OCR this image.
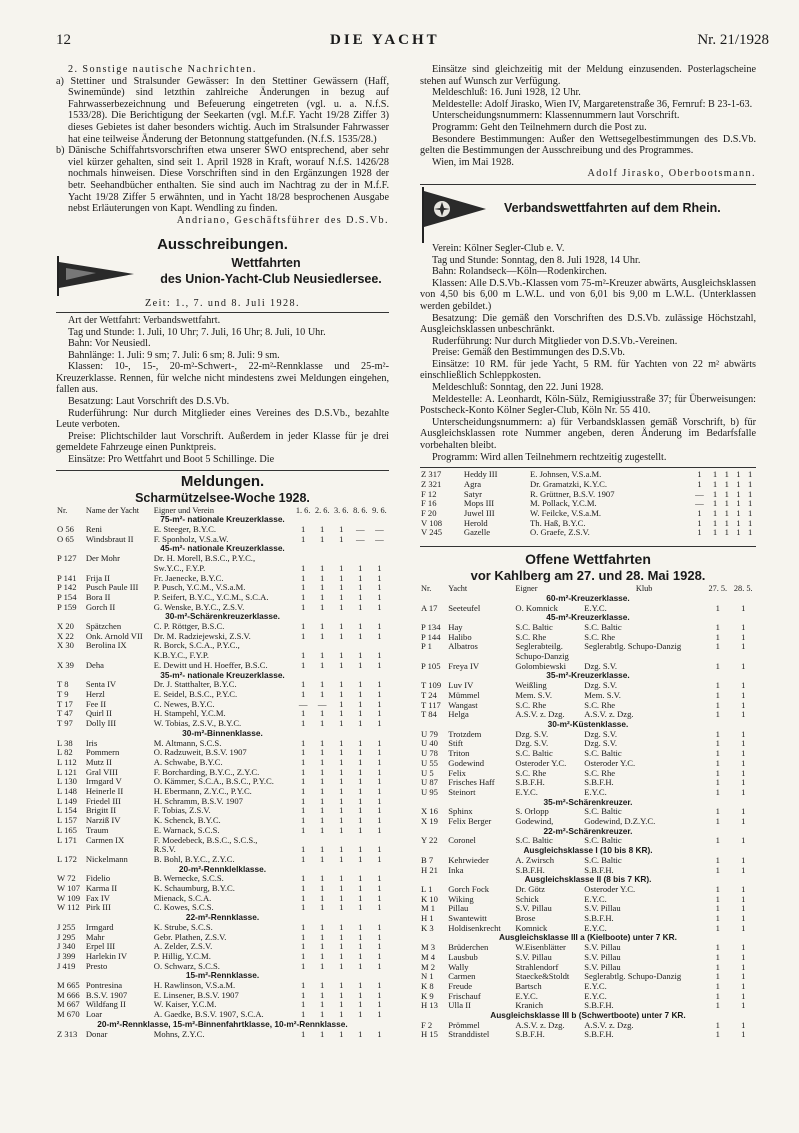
12	DIE YACHT	Nr. 21/1928

2. Sonstige nautische Nachrichten.

a) Stettiner und Stralsunder Gewässer: In den Stettiner Gewässern (Haff, Swinemünde) sind letzthin zahlreiche Änderungen in bezug auf Fahrwasserbezeichnung und Befeuerung eingetreten (vgl. u. a. N.f.S. 1533/28). Die Berichtigung der Seekarten (vgl. M.f.F. Yacht 19/28 Ziffer 3) dieses Gebietes ist daher besonders wichtig. Auch im Stralsunder Fahrwasser hat eine teilweise Änderung der Betonnung stattgefunden. (N.f.S. 1535/28.)

b) Dänische Schiffahrtsvorschriften etwa unserer SWO entsprechend, aber sehr viel kürzer gehalten, sind seit 1. April 1928 in Kraft, worauf N.f.S. 1426/28 nochmals hinweisen. Diese Vorschriften sind in den Ergänzungen 1928 der betr. Seehandbücher enthalten. Sie sind auch im Nachtrag zu der in M.f.F. Yacht 19/28 Ziffer 5 erwähnten, und in Yacht 18/28 besprochenen Ausgabe nebst Erläuterungen von Kapt. Wendling zu finden.

Andriano, Geschäftsführer des D.S.Vb.

Ausschreibungen.
Wettfahrten
des Union-Yacht-Club Neusiedlersee.

Zeit: 1., 7. und 8. Juli 1928.

Art der Wettfahrt: Verbandswettfahrt.

Tag und Stunde: 1. Juli, 10 Uhr; 7. Juli, 16 Uhr; 8. Juli, 10 Uhr.

Bahn: Vor Neusiedl.

Bahnlänge: 1. Juli: 9 sm; 7. Juli: 6 sm; 8. Juli: 9 sm.

Klassen: 10-, 15-, 20-m²-Schwert-, 22-m²-Rennklasse und 25-m²-Kreuzerklasse. Rennen, für welche nicht mindestens zwei Meldungen eingehen, fallen aus.

Besatzung: Laut Vorschrift des D.S.Vb.

Ruderführung: Nur durch Mitglieder eines Vereines des D.S.Vb., bezahlte Leute verboten.

Preise: Plichtschilder laut Vorschrift. Außerdem in jeder Klasse für je drei gemeldete Fahrzeuge einen Punktpreis.

Einsätze: Pro Wettfahrt und Boot 5 Schillinge. Die

Meldungen.
Scharmützelsee-Woche 1928.
Nr.	Name der Yacht	Eigner und Verein	1. 6.	2. 6.	3. 6.	8. 6.	9. 6.
75-m²- nationale Kreuzerklasse.							
O 56	Reni	E. Steeger, B.Y.C.	1	1	1	—	—
O 65	Windsbraut II	F. Sponholz, V.S.a.W.	1	1	1	—	—
45-m²- nationale Kreuzerklasse.							
P 127	Der Mohr	Dr. H. Morell, B.S.C., P.Y.C.,					
		Sw.Y.C., F.Y.P.	1	1	1	1	1
P 141	Frija II	Fr. Jaenecke, B.Y.C.	1	1	1	1	1
P 142	Pusch Paule III	P. Pusch, Y.C.M., V.S.a.M.	1	1	1	1	1
P 154	Bora II	P. Seifert, B.Y.C., Y.C.M., S.C.A.	1	1	1	1	1
P 159	Gorch II	G. Wenske, B.Y.C., Z.S.V.	1	1	1	1	1
30-m²-Schärenkreuzerklasse.							
X 20	Spätzchen	C. P. Röttger, B.S.C.	1	1	1	1	1
X 22	Onk. Arnold VII	Dr. M. Radziejewski, Z.S.V.	1	1	1	1	1
X 30	Berolina IX	R. Borck, S.C.A., P.Y.C.,					
		K.B.Y.C., F.Y.P.	1	1	1	1	1
X 39	Deha	E. Dewitt und H. Hoeffer, B.S.C.	1	1	1	1	1
35-m²- nationale Kreuzerklasse.							
T 8	Senta IV	Dr. J. Statthalter, B.Y.C.	1	1	1	1	1
T 9	Herzl	E. Seidel, B.S.C., P.Y.C.	1	1	1	1	1
T 17	Fee II	C. Newes, B.Y.C.	—	—	1	1	1
T 47	Quirl II	H. Stampehl, Y.C.M.	1	1	1	1	1
T 97	Dolly III	W. Tobias, Z.S.V., B.Y.C.	1	1	1	1	1
30-m²-Binnenklasse.							
L 38	Iris	M. Altmann, S.C.S.	1	1	1	1	1
L 82	Pommern	O. Radzuweit, B.S.V. 1907	1	1	1	1	1
L 112	Mutz II	A. Schwabe, B.Y.C.	1	1	1	1	1
L 121	Gral VIII	F. Borcharding, B.Y.C., Z.Y.C.	1	1	1	1	1
L 130	Irmgard V	O. Kämmer, S.C.A., B.S.C., P.Y.C.	1	1	1	1	1
L 148	Heinerle II	H. Ebermann, Z.Y.C., P.Y.C.	1	1	1	1	1
L 149	Friedel III	H. Schramm, B.S.V. 1907	1	1	1	1	1
L 154	Brigitt II	F. Tobias, Z.S.V.	1	1	1	1	1
L 157	Narziß IV	K. Schenck, B.Y.C.	1	1	1	1	1
L 165	Traum	E. Warnack, S.C.S.	1	1	1	1	1
L 171	Carmen IX	F. Moedebeck, B.S.C., S.C.S.,					
		R.S.V.	1	1	1	1	1
L 172	Nickelmann	B. Bohl, B.Y.C., Z.Y.C.	1	1	1	1	1
20-m²-Rennklelklasse.							
W 72	Fidelio	B. Wernecke, S.C.S.	1	1	1	1	1
W 107	Karma II	K. Schaumburg, B.Y.C.	1	1	1	1	1
W 109	Fax IV	Mienack, S.C.A.	1	1	1	1	1
W 112	Pirk III	C. Kowes, S.C.S.	1	1	1	1	1
22-m²-Rennklasse.							
J 255	Irmgard	K. Strube, S.C.S.	1	1	1	1	1
J 295	Mahr	Gebr. Plathen, Z.S.V.	1	1	1	1	1
J 340	Erpel III	A. Zelder, Z.S.V.	1	1	1	1	1
J 399	Harlekin IV	P. Hillig, Y.C.M.	1	1	1	1	1
J 419	Presto	O. Schwarz, S.C.S.	1	1	1	1	1
15-m²-Rennklasse.							
M 665	Pontresina	H. Rawlinson, V.S.a.M.	1	1	1	1	1
M 666	B.S.V. 1907	E. Linsener, B.S.V. 1907	1	1	1	1	1
M 667	Wildfang II	W. Kaiser, Y.C.M.	1	1	1	1	1
M 670	Loar	A. Gaedke, B.S.V. 1907, S.C.A.	1	1	1	1	1
20-m²-Rennklasse, 15-m²-Binnenfahrtklasse, 10-m²-Rennklasse.							
Z 313	Donar	Mohns, Z.Y.C.	1	1	1	1	1

Einsätze sind gleichzeitig mit der Meldung einzusenden. Posterlagscheine stehen auf Wunsch zur Verfügung.

Meldeschluß: 16. Juni 1928, 12 Uhr.

Meldestelle: Adolf Jirasko, Wien IV, Margaretenstraße 36, Fernruf: B 23-1-63.

Unterscheidungsnummern: Klassennummern laut Vorschrift.

Programm: Geht den Teilnehmern durch die Post zu.

Besondere Bestimmungen: Außer den Wettsegelbestimmungen des D.S.Vb. gelten die Bestimmungen der Ausschreibung und des Programmes.

Wien, im Mai 1928.

Adolf Jirasko, Oberbootsmann.

Verbandswettfahrten auf dem Rhein.

Verein: Kölner Segler-Club e. V.

Tag und Stunde: Sonntag, den 8. Juli 1928, 14 Uhr.

Bahn: Rolandseck—Köln—Rodenkirchen.

Klassen: Alle D.S.Vb.-Klassen vom 75-m²-Kreuzer abwärts, Ausgleichsklassen von 4,50 bis 6,00 m L.W.L. und von 6,01 bis 9,00 m L.W.L. (Unterklassen werden gebildet.)

Besatzung: Die gemäß den Vorschriften des D.S.Vb. zulässige Höchstzahl, Ausgleichsklassen unbeschränkt.

Ruderführung: Nur durch Mitglieder von D.S.Vb.-Vereinen.

Preise: Gemäß den Bestimmungen des D.S.Vb.

Einsätze: 10 RM. für jede Yacht, 5 RM. für Yachten von 22 m² abwärts einschließlich Schleppkosten.

Meldeschluß: Sonntag, den 22. Juni 1928.

Meldestelle: A. Leonhardt, Köln-Sülz, Remigiusstraße 37; für Überweisungen: Postscheck-Konto Kölner Segler-Club, Köln Nr. 55 410.

Unterscheidungsnummern: a) für Verbandsklassen gemäß Vorschrift, b) für Ausgleichsklassen rote Nummer angeben, deren Änderung im Bedarfsfalle vorbehalten bleibt.

Programm: Wird allen Teilnehmern rechtzeitig zugestellt.

Z 317	Heddy III	E. Johnsen, V.S.a.M.	1	1	1	1	1
Z 321	Agra	Dr. Gramatzki, K.Y.C.	1	1	1	1	1
F 12	Satyr	R. Grüttner, B.S.V. 1907	—	1	1	1	1
F 16	Mops III	M. Pollack, Y.C.M.	—	1	1	1	1
F 20	Juwel III	W. Feilcke, V.S.a.M.	1	1	1	1	1
V 108	Herold	Th. Haß, B.Y.C.	1	1	1	1	1
V 245	Gazelle	O. Graefe, Z.S.V.	1	1	1	1	1
Offene Wettfahrten
vor Kahlberg am 27. und 28. Mai 1928.
Nr.	Yacht	Eigner	Klub	27. 5.	28. 5.
60-m²-Kreuzerklasse.					
A 17	Seeteufel	O. Komnick	E.Y.C.	1	1
45-m²-Kreuzerklasse.					
P 134	Hay	S.C. Baltic	S.C. Baltic	1	1
P 144	Halibo	S.C. Rhe	S.C. Rhe	1	1
P 1	Albatros	Seglerabteilg.	Seglerabtlg. Schupo-Danzig	1	1
		Schupo-Danzig			
P 105	Freya IV	Golombiewski	Dzg. S.V.	1	1
35-m²-Kreuzerklasse.					
T 109	Luv IV	Weißling	Dzg. S.V.	1	1
T 24	Mümmel	Mem. S.V.	Mem. S.V.	1	1
T 117	Wangast	S.C. Rhe	S.C. Rhe	1	1
T 84	Helga	A.S.V. z. Dzg.	A.S.V. z. Dzg.	1	1
30-m²-Küstenklasse.					
U 79	Trotzdem	Dzg. S.V.	Dzg. S.V.	1	1
U 40	Stift	Dzg. S.V.	Dzg. S.V.	1	1
U 78	Triton	S.C. Baltic	S.C. Baltic	1	1
U 55	Godewind	Osteroder Y.C.	Osteroder Y.C.	1	1
U 5	Felix	S.C. Rhe	S.C. Rhe	1	1
U 87	Frisches Haff	S.B.F.H.	S.B.F.H.	1	1
U 95	Steinort	E.Y.C.	E.Y.C.	1	1
35-m²-Schärenkreuzer.					
X 16	Sphinx	S. Orlopp	S.C. Baltic	1	1
X 19	Felix Berger	Godewind,	Godewind, D.Z.Y.C.	1	1
22-m²-Schärenkreuzer.					
Y 22	Coronel	S.C. Baltic	S.C. Baltic	1	1
Ausgleichsklasse I (10 bis 8 KR).					
B 7	Kehrwieder	A. Zwirsch	S.C. Baltic	1	1
H 21	Inka	S.B.F.H.	S.B.F.H.	1	1
Ausgleichsklasse II (8 bis 7 KR).					
L 1	Gorch Fock	Dr. Götz	Osteroder Y.C.	1	1
K 10	Wiking	Schick	E.Y.C.	1	1
M 1	Pillau	S.V. Pillau	S.V. Pillau	1	1
H 1	Swantewitt	Brose	S.B.F.H.	1	1
K 3	Holdisenkrecht	Komnick	E.Y.C.	1	1
Ausgleichsklasse III a (Kielboote) unter 7 KR.					
M 3	Brüderchen	W.Eisenblätter	S.V. Pillau	1	1
M 4	Lausbub	S.V. Pillau	S.V. Pillau	1	1
M 2	Wally	Strahlendorf	S.V. Pillau	1	1
N 1	Carmen	Staecke&Stoldt	Seglerabtlg. Schupo-Danzig	1	1
K 8	Freude	Bartsch	E.Y.C.	1	1
K 9	Frischauf	E.Y.C.	E.Y.C.	1	1
H 13	Ulla II	Kranich	S.B.F.H.	1	1
Ausgleichsklasse III b (Schwertboote) unter 7 KR.					
F 2	Prömmel	A.S.V. z. Dzg.	A.S.V. z. Dzg.	1	1
H 15	Stranddistel	S.B.F.H.	S.B.F.H.	1	1
